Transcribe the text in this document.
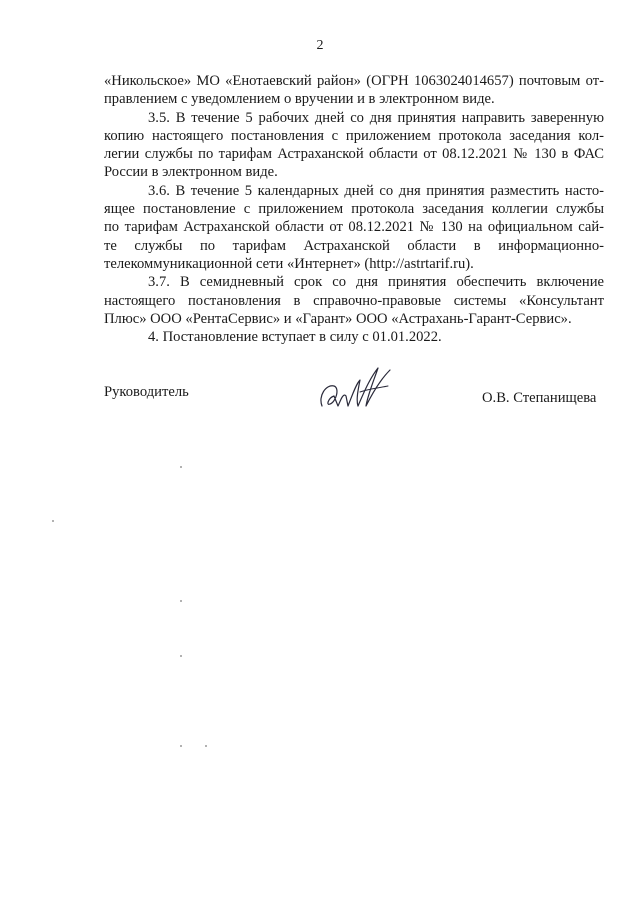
2
«Никольское» МО «Енотаевский район» (ОГРН 1063024014657) почтовым от-
правлением с уведомлением о вручении и в электронном виде.
3.5. В течение 5 рабочих дней со дня принятия направить заверенную
копию настоящего постановления с приложением протокола заседания кол-
легии службы по тарифам Астраханской области от 08.12.2021 № 130 в ФАС
России в электронном виде.
3.6. В течение 5 календарных дней со дня принятия разместить насто-
ящее постановление с приложением протокола заседания коллегии службы
по тарифам Астраханской области от 08.12.2021 № 130 на официальном сай-
те службы по тарифам Астраханской области в информационно-
телекоммуникационной сети «Интернет» (http://astrtarif.ru).
3.7. В семидневный срок со дня принятия обеспечить включение
настоящего постановления в справочно-правовые системы «Консультант
Плюс» ООО «РентаСервис» и «Гарант» ООО «Астрахань-Гарант-Сервис».
4. Постановление вступает в силу с 01.01.2022.
Руководитель	О.В. Степанищева
